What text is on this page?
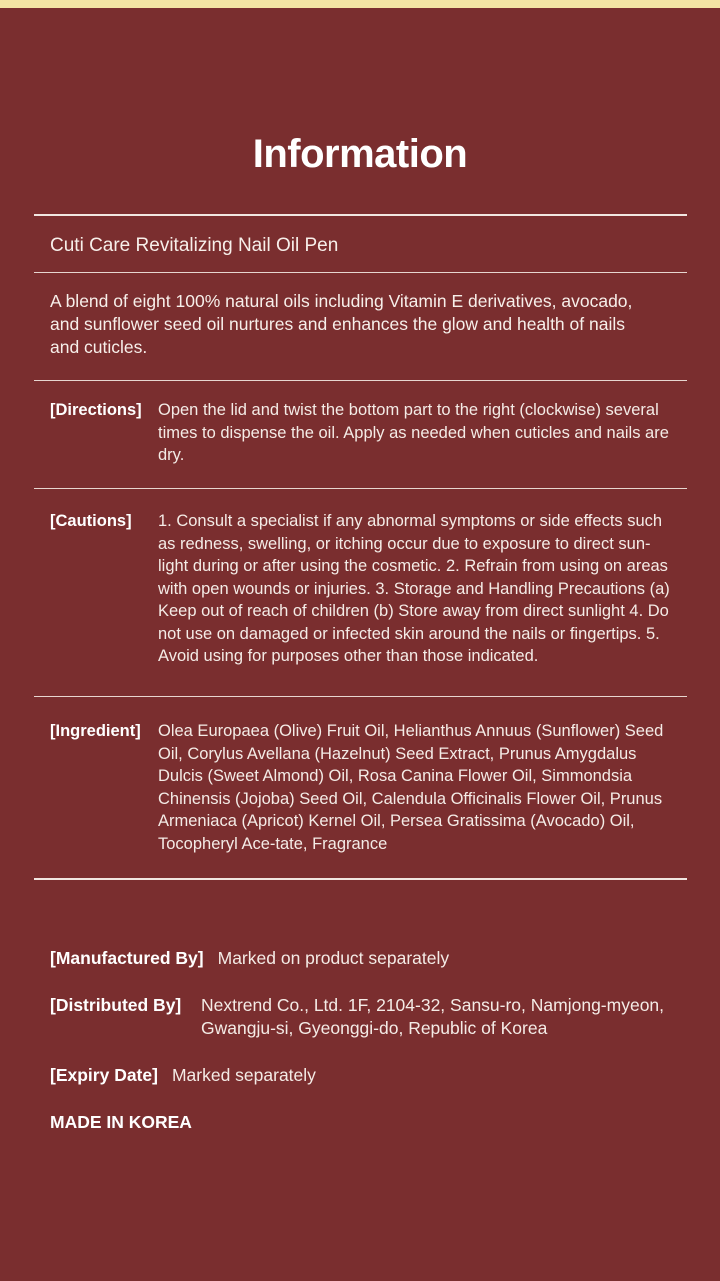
Information
Cuti Care Revitalizing Nail Oil Pen
A blend of eight 100% natural oils including Vitamin E derivatives, avocado, and sunflower seed oil nurtures and enhances the glow and health of nails and cuticles.
[Directions] Open the lid and twist the bottom part to the right (clockwise) several times to dispense the oil. Apply as needed when cuticles and nails are dry.
[Cautions] 1. Consult a specialist if any abnormal symptoms or side effects such as redness, swelling, or itching occur due to exposure to direct sun-light during or after using the cosmetic. 2. Refrain from using on areas with open wounds or injuries. 3. Storage and Handling Precautions (a) Keep out of reach of children (b) Store away from direct sunlight 4. Do not use on damaged or infected skin around the nails or fingertips. 5. Avoid using for purposes other than those indicated.
[Ingredient] Olea Europaea (Olive) Fruit Oil, Helianthus Annuus (Sunflower) Seed Oil, Corylus Avellana (Hazelnut) Seed Extract, Prunus Amygdalus Dulcis (Sweet Almond) Oil, Rosa Canina Flower Oil, Simmondsia Chinensis (Jojoba) Seed Oil, Calendula Officinalis Flower Oil, Prunus Armeniaca (Apricot) Kernel Oil, Persea Gratissima (Avocado) Oil, Tocopheryl Ace-tate, Fragrance
[Manufactured By] Marked on product separately
[Distributed By] Nextrend Co., Ltd. 1F, 2104-32, Sansu-ro, Namjong-myeon, Gwangju-si, Gyeonggi-do, Republic of Korea
[Expiry Date] Marked separately
MADE IN KOREA
